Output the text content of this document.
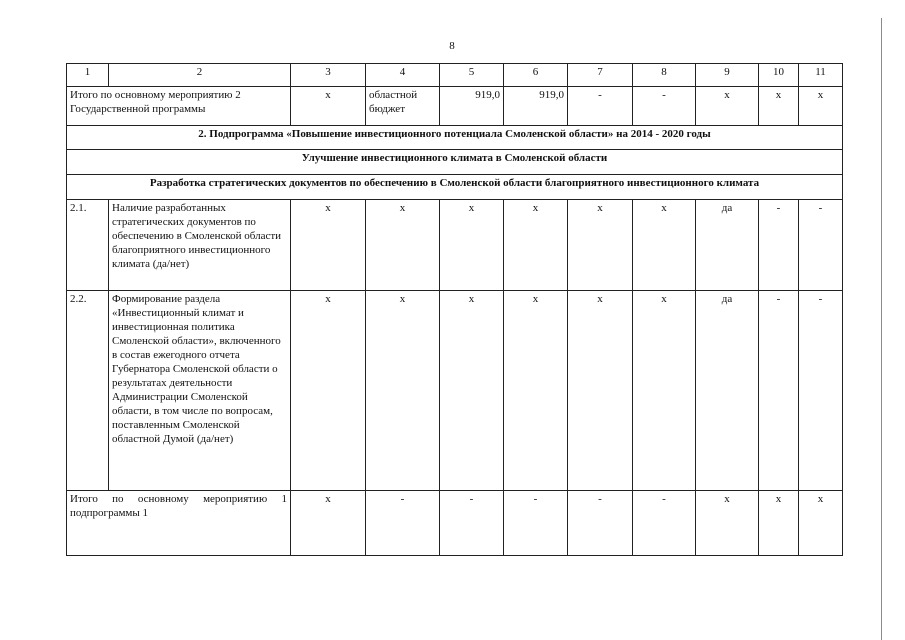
8
1	2	3	4	5	6	7	8	9	10	11
Итого по основному мероприятию 2 Государственной программы		х	областной бюджет	919,0	919,0	-	-	х	х	х
2. Подпрограмма «Повышение инвестиционного потенциала Смоленской области» на 2014 - 2020 годы										
Улучшение инвестиционного климата в Смоленской области										
Разработка стратегических документов по обеспечению в Смоленской области благоприятного инвестиционного климата										
2.1.	Наличие разработанных стратегических документов по обеспечению в Смоленской области благоприятного инвестиционного климата (да/нет)	х	х	х	х	х	х	да	-	-
2.2.	Формирование раздела «Инвестиционный климат и инвестиционная политика Смоленской области», включенного в состав ежегодного отчета Губернатора Смоленской области о результатах деятельности Администрации Смоленской области, в том числе по вопросам, поставленным Смоленской областной Думой (да/нет)	х	х	х	х	х	х	да	-	-
Итого по основному мероприятию 1 подпрограммы 1		х	-	-	-	-	-	х	х	х
